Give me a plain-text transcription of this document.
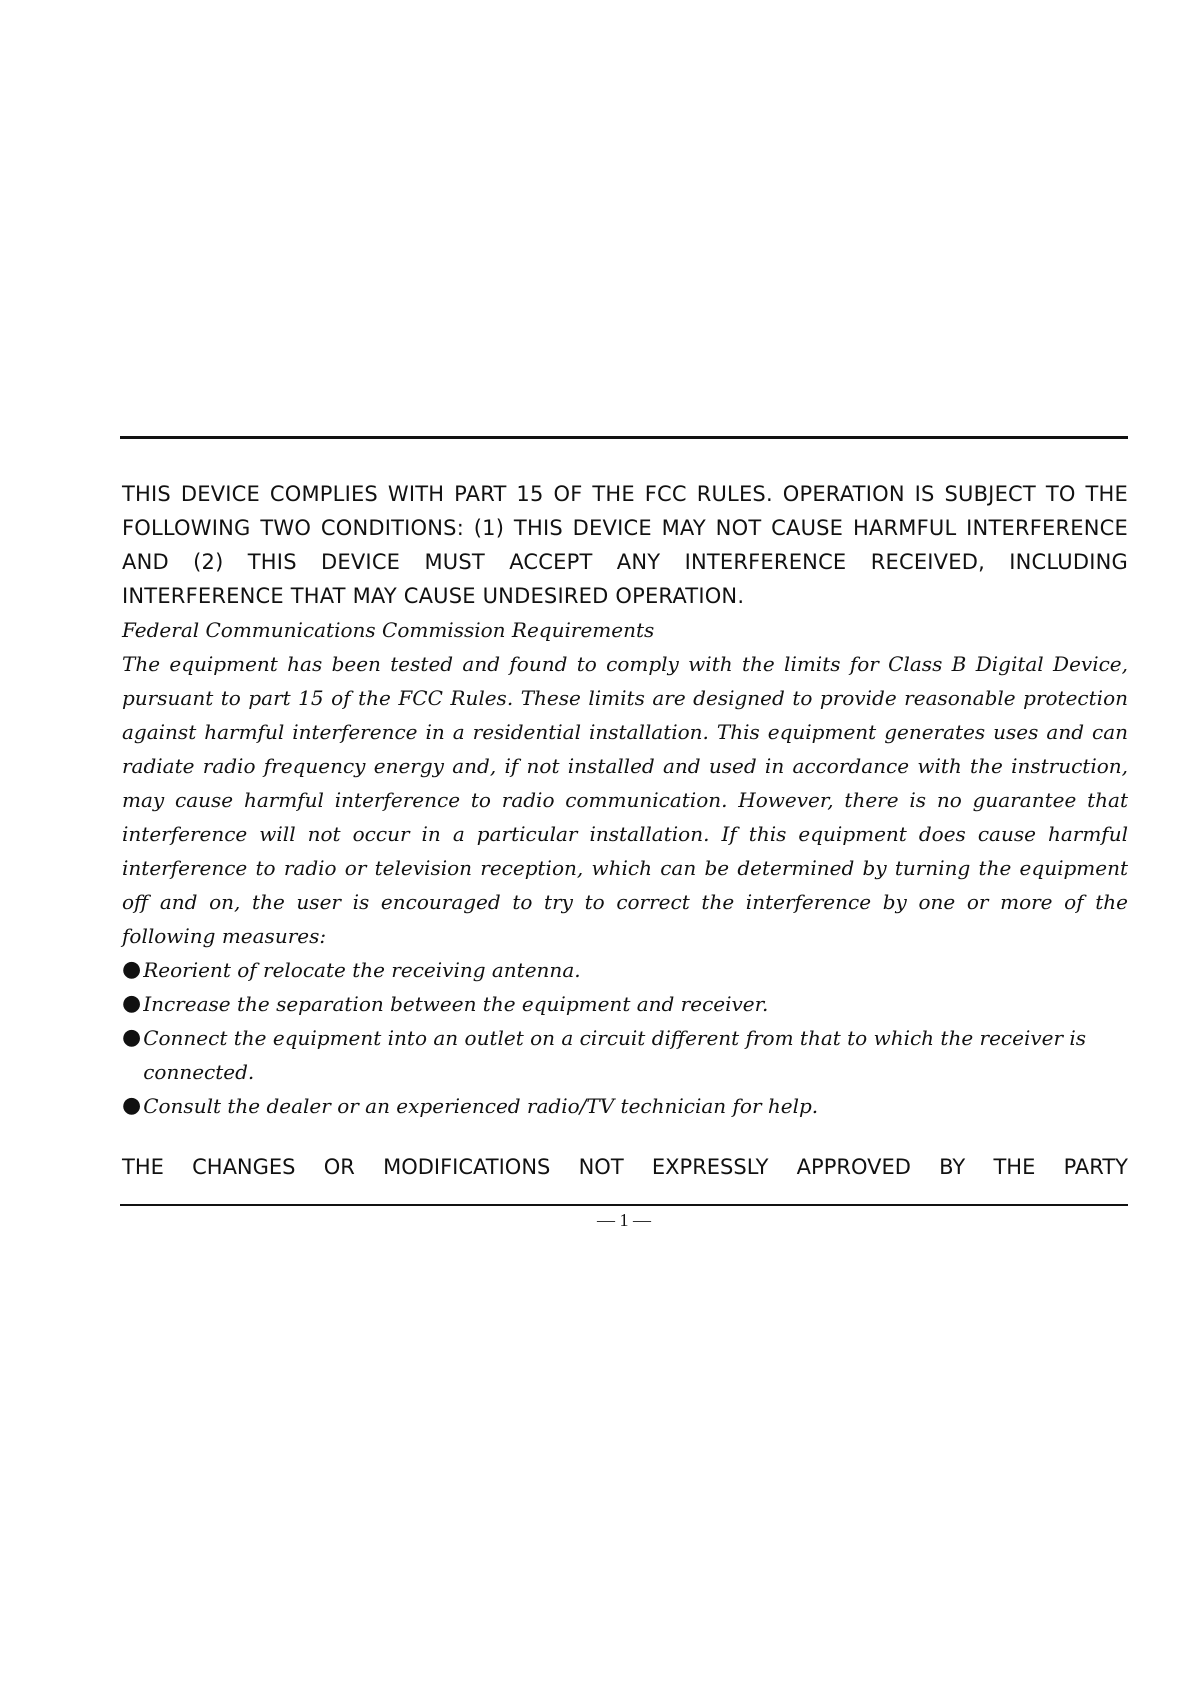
THIS DEVICE COMPLIES WITH PART 15 OF THE FCC RULES. OPERATION IS SUBJECT TO THE FOLLOWING TWO CONDITIONS: (1) THIS DEVICE MAY NOT CAUSE HARMFUL INTERFERENCE AND (2) THIS DEVICE MUST ACCEPT ANY INTERFERENCE RECEIVED, INCLUDING INTERFERENCE THAT MAY CAUSE UNDESIRED OPERATION.

Federal Communications Commission Requirements

The equipment has been tested and found to comply with the limits for Class B Digital Device, pursuant to part 15 of the FCC Rules. These limits are designed to provide reasonable protection against harmful interference in a residential installation. This equipment generates uses and can radiate radio frequency energy and, if not installed and used in accordance with the instruction, may cause harmful interference to radio communication. However, there is no guarantee that interference will not occur in a particular installation. If this equipment does cause harmful interference to radio or television reception, which can be determined by turning the equipment off and on, the user is encouraged to try to correct the interference by one or more of the following measures:

● Reorient of relocate the receiving antenna.
● Increase the separation between the equipment and receiver.
● Connect the equipment into an outlet on a circuit different from that to which the receiver is connected.
● Consult the dealer or an experienced radio/TV technician for help.

THE CHANGES OR MODIFICATIONS NOT EXPRESSLY APPROVED BY THE PARTY

— 1 —
